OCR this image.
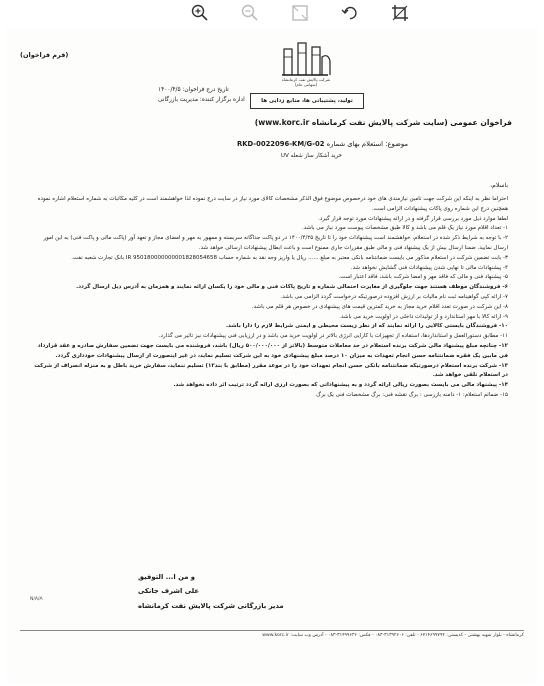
(فرم فراخوان)
شرکت پالایش نفت کرمانشاه (سهامی عام)
تولید، پشتیبانی ها، منابع زدایی ها
تاریخ درج فراخوان: ۱۴۰۰/۴/۵
اداره برگزار کننده: مدیریت بازرگانی
فراخوان عمومی (سایت شرکت پالایش نفت کرمانشاه www.korc.ir)
موضوع: استعلام بهای شماره RKD-0022096-KM/G-02
خرید آشکار ساز شعله UV
باسلام،

احتراما نظر به اینکه این شرکت جهت تامین نیازمندی های خود درخصوص موضوع فوق الذکر مشخصات کالای مورد نیاز در سایت درج نموده لذا خواهشمند است در کلیه مکاتبات به شماره استعلام اشاره نموده همچنین درج این شماره روی پاکات پیشنهادات الزامی است.

لطفا موارد ذیل مورد بررسی قرار گرفته و در ارائه پیشنهادات مورد توجه قرار گیرد.

۱- تعداد اقلام مورد نیاز یک قلم می باشد و کالا طبق مشخصات پیوست مورد نیاز می باشد.

۲- با توجه به شرایط ذکر شده در استعلام، خواهشمند است پیشنهادات خود را تا تاریخ ۱۴۰۰/۴/۲۵ در دو پاکت جداگانه سربسته و ممهور به مهر و امضای مجاز و تعهد آور (پاکت مالی و پاکت فنی) به این امور ارسال نمایید. ضمنا ارسال بیش از یک پیشنهاد فنی و مالی طبق مقررات جاری ممنوع است و باعث ابطال پیشنهادات ارسالی خواهد شد.

۳- بابت تضمین شرکت در استعلام مذکور می بایست ضمانتنامه بانکی معتبر به مبلغ ...... ریال یا واریز وجه نقد به شماره حساب IR 950180000000001828054658 بانک تجارت شعبه نفت.

۴- پیشنهادات مالی تا نهایی شدن پیشنهادات فنی گشایش نخواهد شد.

۵- پیشنهاد فنی و مالی که فاقد مهر و امضا شرکت باشد، فاقد اعتبار است.

۶- فروشندگان موظف هستند جهت جلوگیری از مغایرت احتمالی شماره و تاریخ پاکات فنی و مالی خود را یکسان ارائه نمایند و همزمان به آدرس ذیل ارسال گردد.

۷- ارائه کپی گواهینامه ثبت نام مالیات بر ارزش افزوده درصورتیکه درخواست گردد الزامی می باشد.

۸- این شرکت در صورت تعدد اقلام خرید مجاز به خرید کمترین قیمت های پیشنهادی در خصوص هر قلم می باشد.

۹- ارائه کالا با مهر استاندارد و از تولیدات داخلی در اولویت خرید می باشد.

۱۰- فروشندگان بایستی کالایی را ارائه نمایند که از نظر زیست محیطی و ایمنی شرایط لازم را دارا باشد.

۱۱- مطابق دستورالعمل و استانداردها، استفاده از تجهیزات با کارایی انرژی بالاتر در اولویت خرید می باشد و در ارزیابی فنی پیشنهادات نیز تاثیر می گذارد.

۱۲- چنانچه مبلغ پیشنهاد مالی شرکت برنده استعلام در حد معاملات متوسط (بالاتر از ۵۰۰/۰۰۰/۰۰۰ ریال) باشد، فروشنده می بایست جهت تضمین سفارش صادره و عقد قرارداد فی مابین یک فقره ضمانتنامه حسن انجام تعهدات به میزان ۱۰ درصد مبلغ پیشنهادی خود به این شرکت تسلیم نماید، در غیر اینصورت از ارسال پیشنهادات خودداری گردد.

۱۳- شرکت برنده استعلام درصورتیکه ضمانتنامه بانکی حسن انجام تعهدات خود را در موعد مقرر (مطابق با بند۱۲) تسلیم ننماید، سفارش خرید باطل و به منزله انصراف از شرکت در استعلام تلقی خواهد شد.

۱۴- پیشنهاد مالی می بایست بصورت ریالی ارائه گردد و به پیشنهاداتی که بصورت ارزی ارائه گردد ترتیب اثر داده نخواهد شد.

۱۵- ضمائم استعلام: ۱- دامنه بازرسی : برگ تقشه فنی: برگ مشخصات فنی یک برگ

و من ا... التوفیق
علی اشرف جانکی
مدیر بازرگانی شرکت پالایش نفت کرمانشاه
N/A/A
کرمانشاه - بلوار شهید بهشتی - کدپستی: ۶۷۱۴۶۹۹۷۹۴ - تلفن: ۳۱۳۹۲۶۰۶-۰۸۳ - فکس: ۳۱۴۹۹۶۳۶-۰۸۳ - آدرس وب سایت: www.korc.ir
